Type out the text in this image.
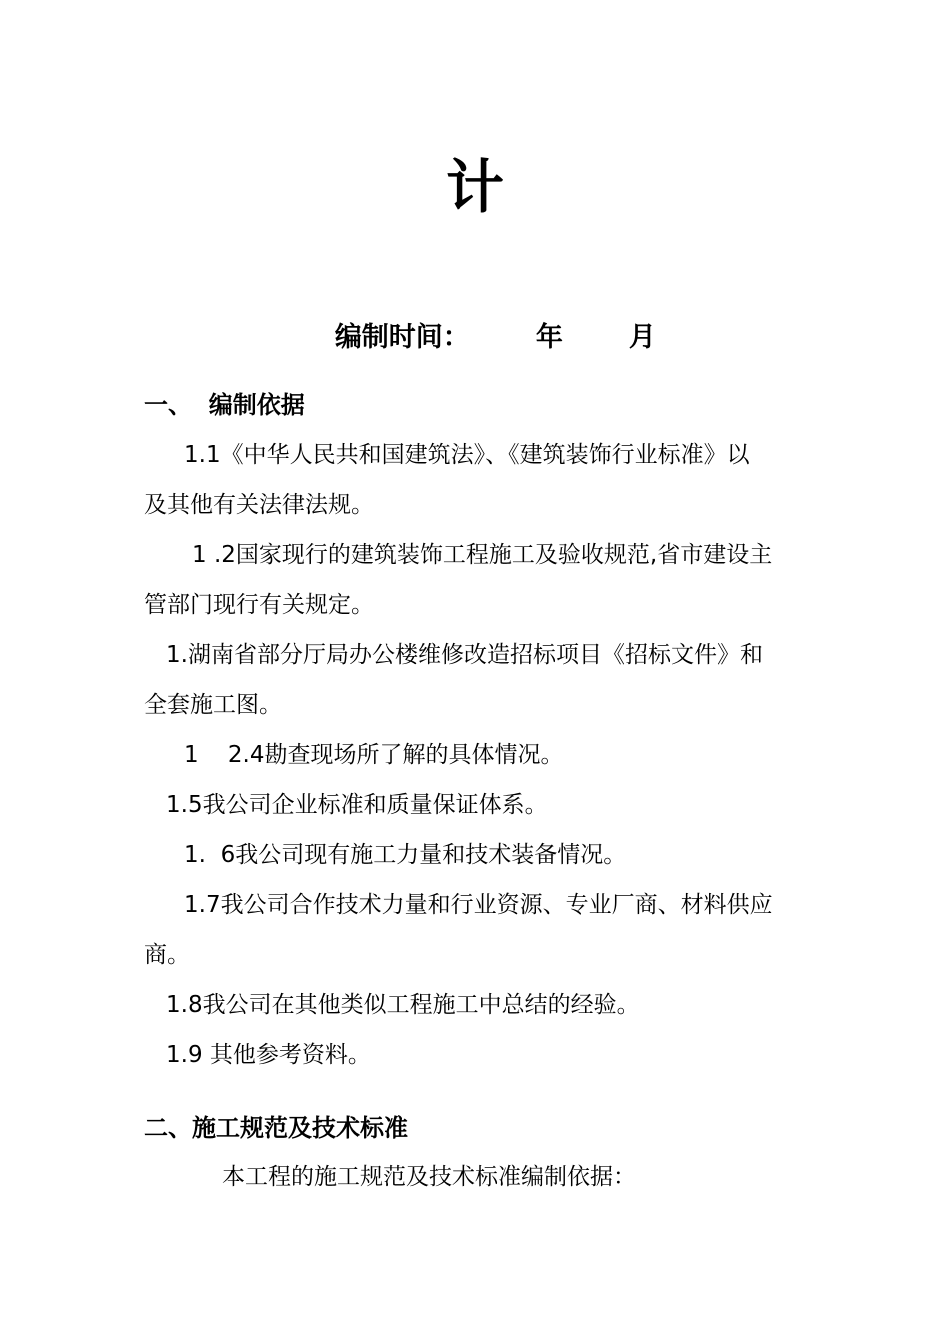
计

编制时间： 年 月

一、  编制依据
1.1《中华人民共和国建筑法》、《建筑装饰行业标准》以
及其他有关法律法规。
1 .2国家现行的建筑装饰工程施工及验收规范,省市建设主
管部门现行有关规定。
1.湖南省部分厅局办公楼维修改造招标项目《招标文件》和
全套施工图。
1    2.4勘查现场所了解的具体情况。
1.5我公司企业标准和质量保证体系。
1.  6我公司现有施工力量和技术装备情况。
1.7我公司合作技术力量和行业资源、专业厂商、材料供应
商。
1.8我公司在其他类似工程施工中总结的经验。
1.9 其他参考资料。
二、施工规范及技术标准
本工程的施工规范及技术标准编制依据：
